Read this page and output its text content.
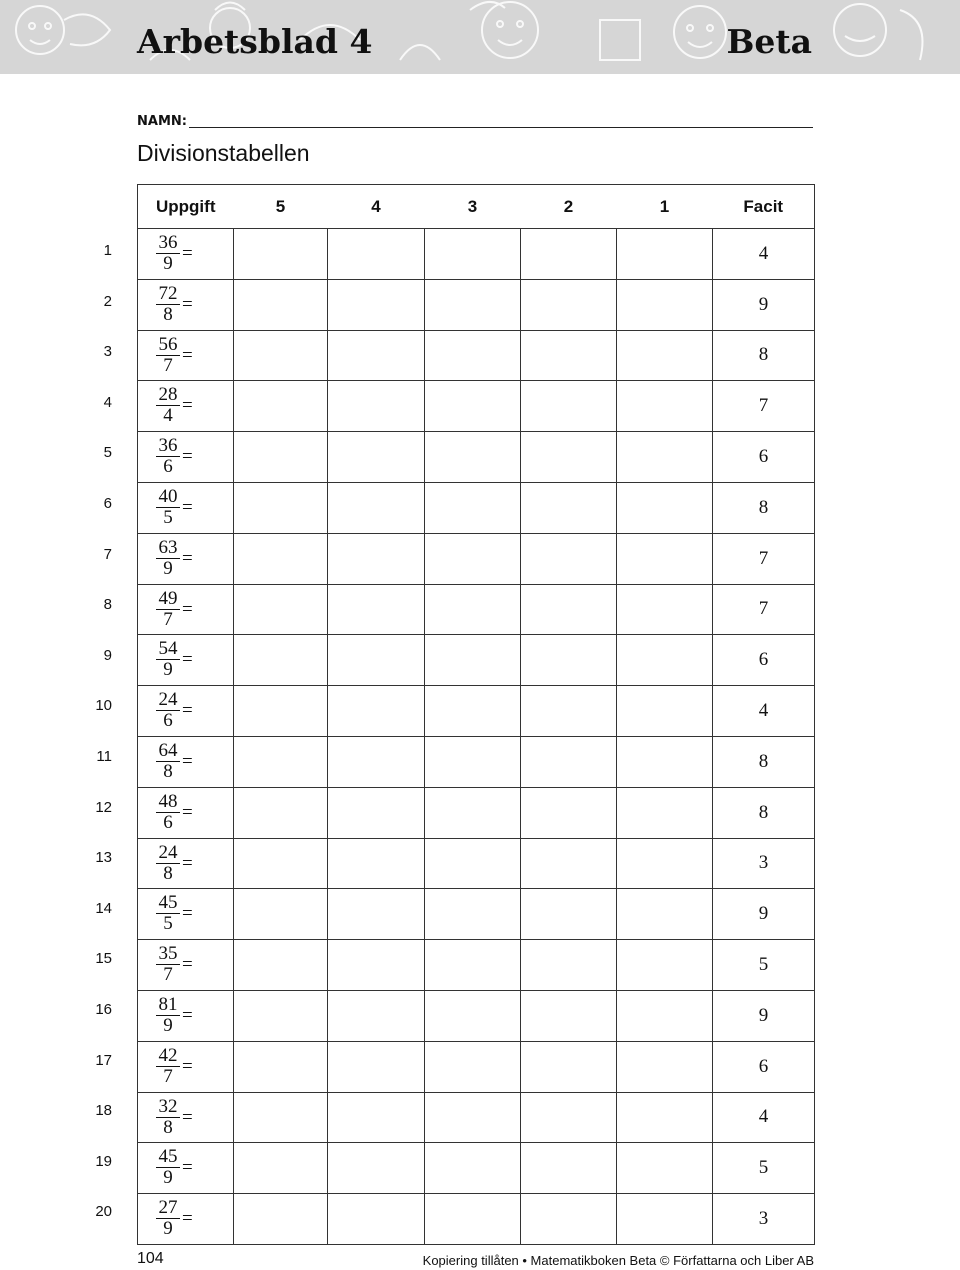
Arbetsblad 4	Beta
NAMN:
Divisionstabellen
1
2
3
4
5
6
7
8
9
10
11
12
13
14
15
16
17
18
19
20
Uppgift	5	4	3	2	1	Facit

$\frac{36}{9}$ =						4

$\frac{72}{8}$ =						9

$\frac{56}{7}$ =						8

$\frac{28}{4}$ =						7

$\frac{36}{6}$ =						6

$\frac{40}{5}$ =						8

$\frac{63}{9}$ =						7

$\frac{49}{7}$ =						7

$\frac{54}{9}$ =						6

$\frac{24}{6}$ =						4

$\frac{64}{8}$ =						8

$\frac{48}{6}$ =						8

$\frac{24}{8}$ =						3

$\frac{45}{5}$ =						9

$\frac{35}{7}$ =						5

$\frac{81}{9}$ =						9

$\frac{42}{7}$ =						6

$\frac{32}{8}$ =						4

$\frac{45}{9}$ =						5

$\frac{27}{9}$ =						3
104	Kopiering tillåten • Matematikboken Beta © Författarna och Liber AB
